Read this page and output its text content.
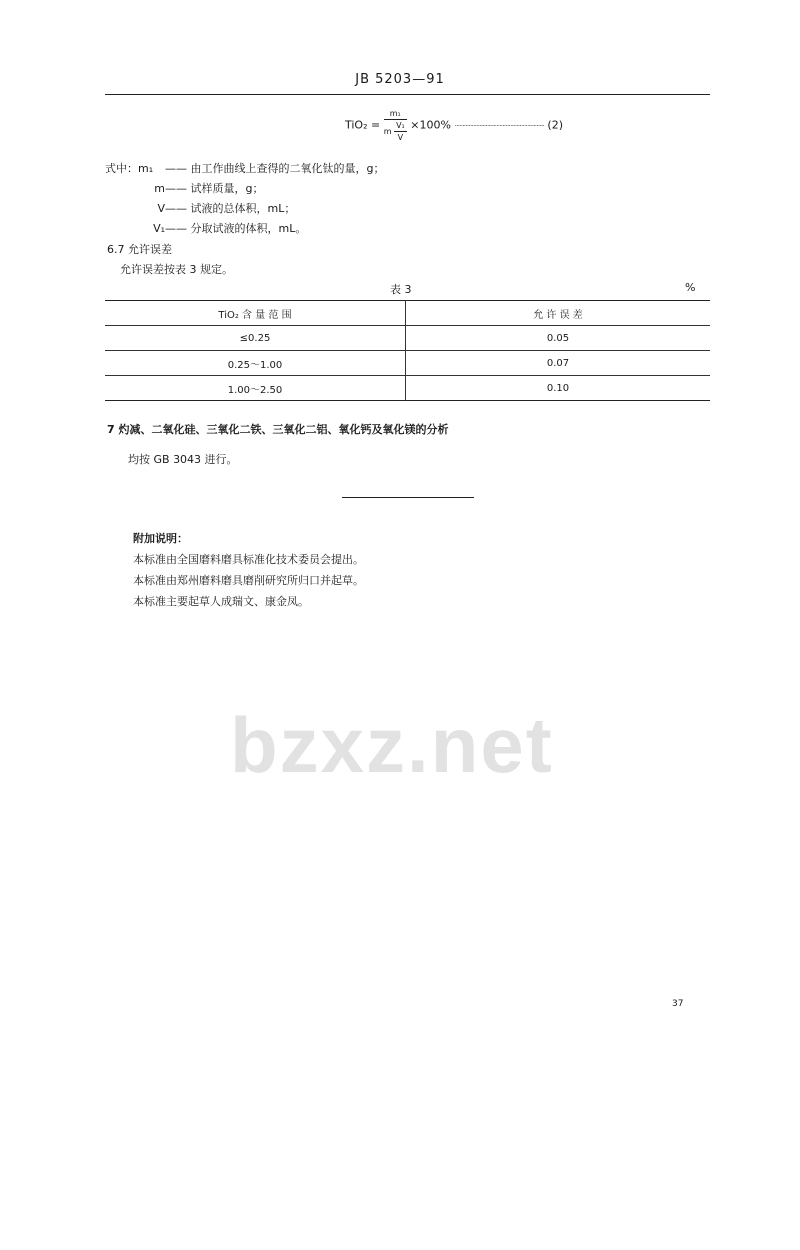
bzxz.net
JB 5203—91
$TiO_2 = \frac{\text{m₁}}{m \frac{\text{V₁}}{V}} \times 100\%$ ·························································· (2)
式中：m₁ —— 由工作曲线上查得的二氧化钛的量，g；
m—— 试样质量，g；
V—— 试液的总体积，mL；
V₁—— 分取试液的体积，mL。
6.7 允许误差
允许误差按表 3 规定。
表 3	%
TiO₂ 含 量 范 围	允 许 误 差
≤0.25	0.05
0.25～1.00	0.07
1.00～2.50	0.10
7 灼减、二氧化硅、三氧化二铁、三氧化二铝、氧化钙及氧化镁的分析
均按 GB 3043 进行。
附加说明：
本标准由全国磨料磨具标准化技术委员会提出。
本标准由郑州磨料磨具磨削研究所归口并起草。
本标准主要起草人成瑞文、康金凤。
37
